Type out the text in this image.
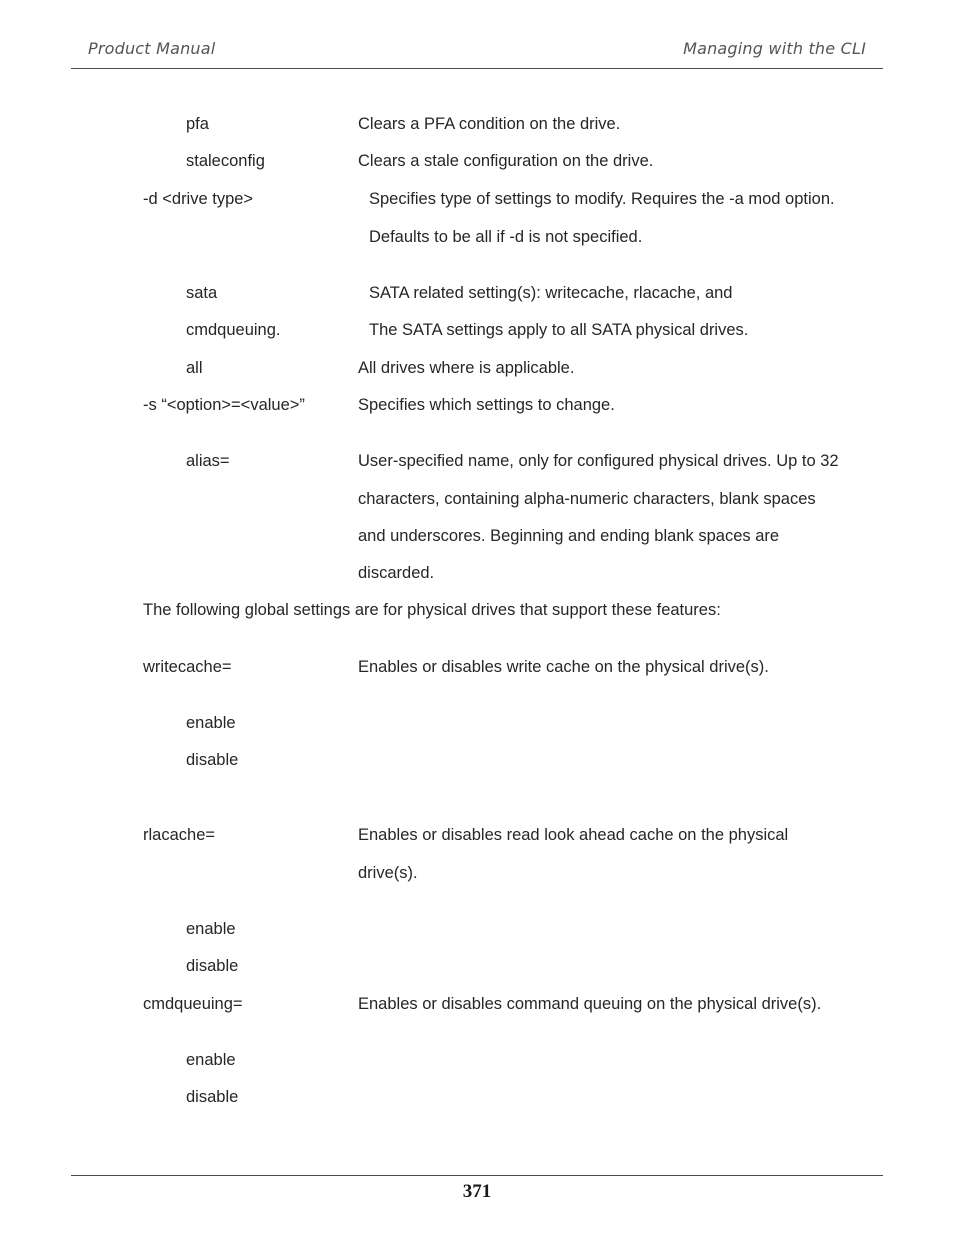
Product Manual	Managing with the CLI
pfa	Clears a PFA condition on the drive.
staleconfig	Clears a stale configuration on the drive.
-d <drive type>	Specifies type of settings to modify. Requires the -a mod option.
Defaults to be all if -d is not specified.
sata	SATA related setting(s): writecache, rlacache, and
cmdqueuing.	The SATA settings apply to all SATA physical drives.
all	All drives where is applicable.
-s “<option>=<value>”	Specifies which settings to change.
alias=	User-specified name, only for configured physical drives. Up to 32
characters, containing alpha-numeric characters, blank spaces
and underscores. Beginning and ending blank spaces are
discarded.
The following global settings are for physical drives that support these features:
writecache=	Enables or disables write cache on the physical drive(s).
enable
disable
rlacache=	Enables or disables read look ahead cache on the physical
drive(s).
enable
disable
cmdqueuing=	Enables or disables command queuing on the physical drive(s).
enable
disable
371
